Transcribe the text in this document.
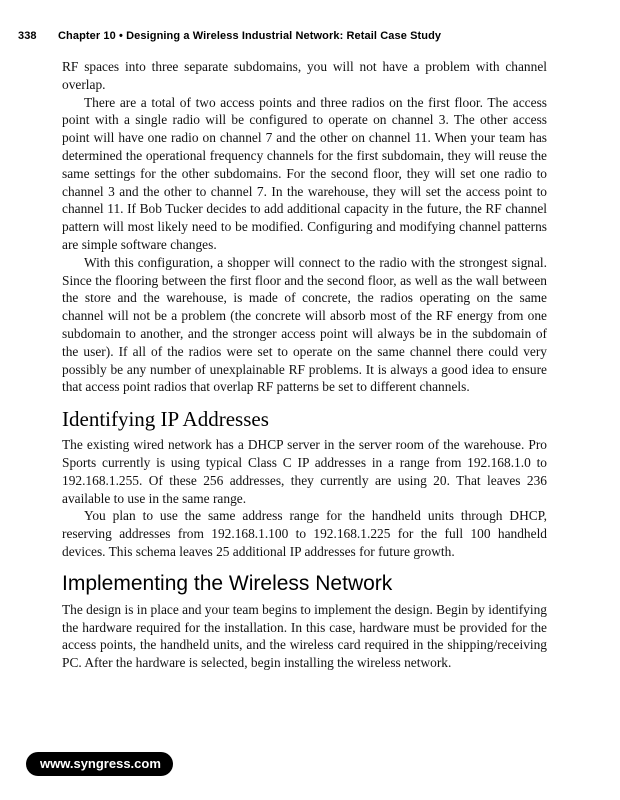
338 Chapter 10 • Designing a Wireless Industrial Network: Retail Case Study

RF spaces into three separate subdomains, you will not have a problem with channel overlap.

There are a total of two access points and three radios on the first floor. The access point with a single radio will be configured to operate on channel 3. The other access point will have one radio on channel 7 and the other on channel 11. When your team has determined the operational frequency channels for the first subdomain, they will reuse the same settings for the other subdomains. For the second floor, they will set one radio to channel 3 and the other to channel 7. In the warehouse, they will set the access point to channel 11. If Bob Tucker decides to add additional capacity in the future, the RF channel pattern will most likely need to be modified. Configuring and modifying channel patterns are simple software changes.

With this configuration, a shopper will connect to the radio with the strongest signal. Since the flooring between the first floor and the second floor, as well as the wall between the store and the warehouse, is made of concrete, the radios operating on the same channel will not be a problem (the concrete will absorb most of the RF energy from one subdomain to another, and the stronger access point will always be in the subdomain of the user). If all of the radios were set to operate on the same channel there could very possibly be any number of unexplainable RF problems. It is always a good idea to ensure that access point radios that overlap RF patterns be set to different channels.

Identifying IP Addresses

The existing wired network has a DHCP server in the server room of the warehouse. Pro Sports currently is using typical Class C IP addresses in a range from 192.168.1.0 to 192.168.1.255. Of these 256 addresses, they currently are using 20. That leaves 236 available to use in the same range.

You plan to use the same address range for the handheld units through DHCP, reserving addresses from 192.168.1.100 to 192.168.1.225 for the full 100 handheld devices. This schema leaves 25 additional IP addresses for future growth.

Implementing the Wireless Network

The design is in place and your team begins to implement the design. Begin by identifying the hardware required for the installation. In this case, hardware must be provided for the access points, the handheld units, and the wireless card required in the shipping/receiving PC. After the hardware is selected, begin installing the wireless network.

www.syngress.com
